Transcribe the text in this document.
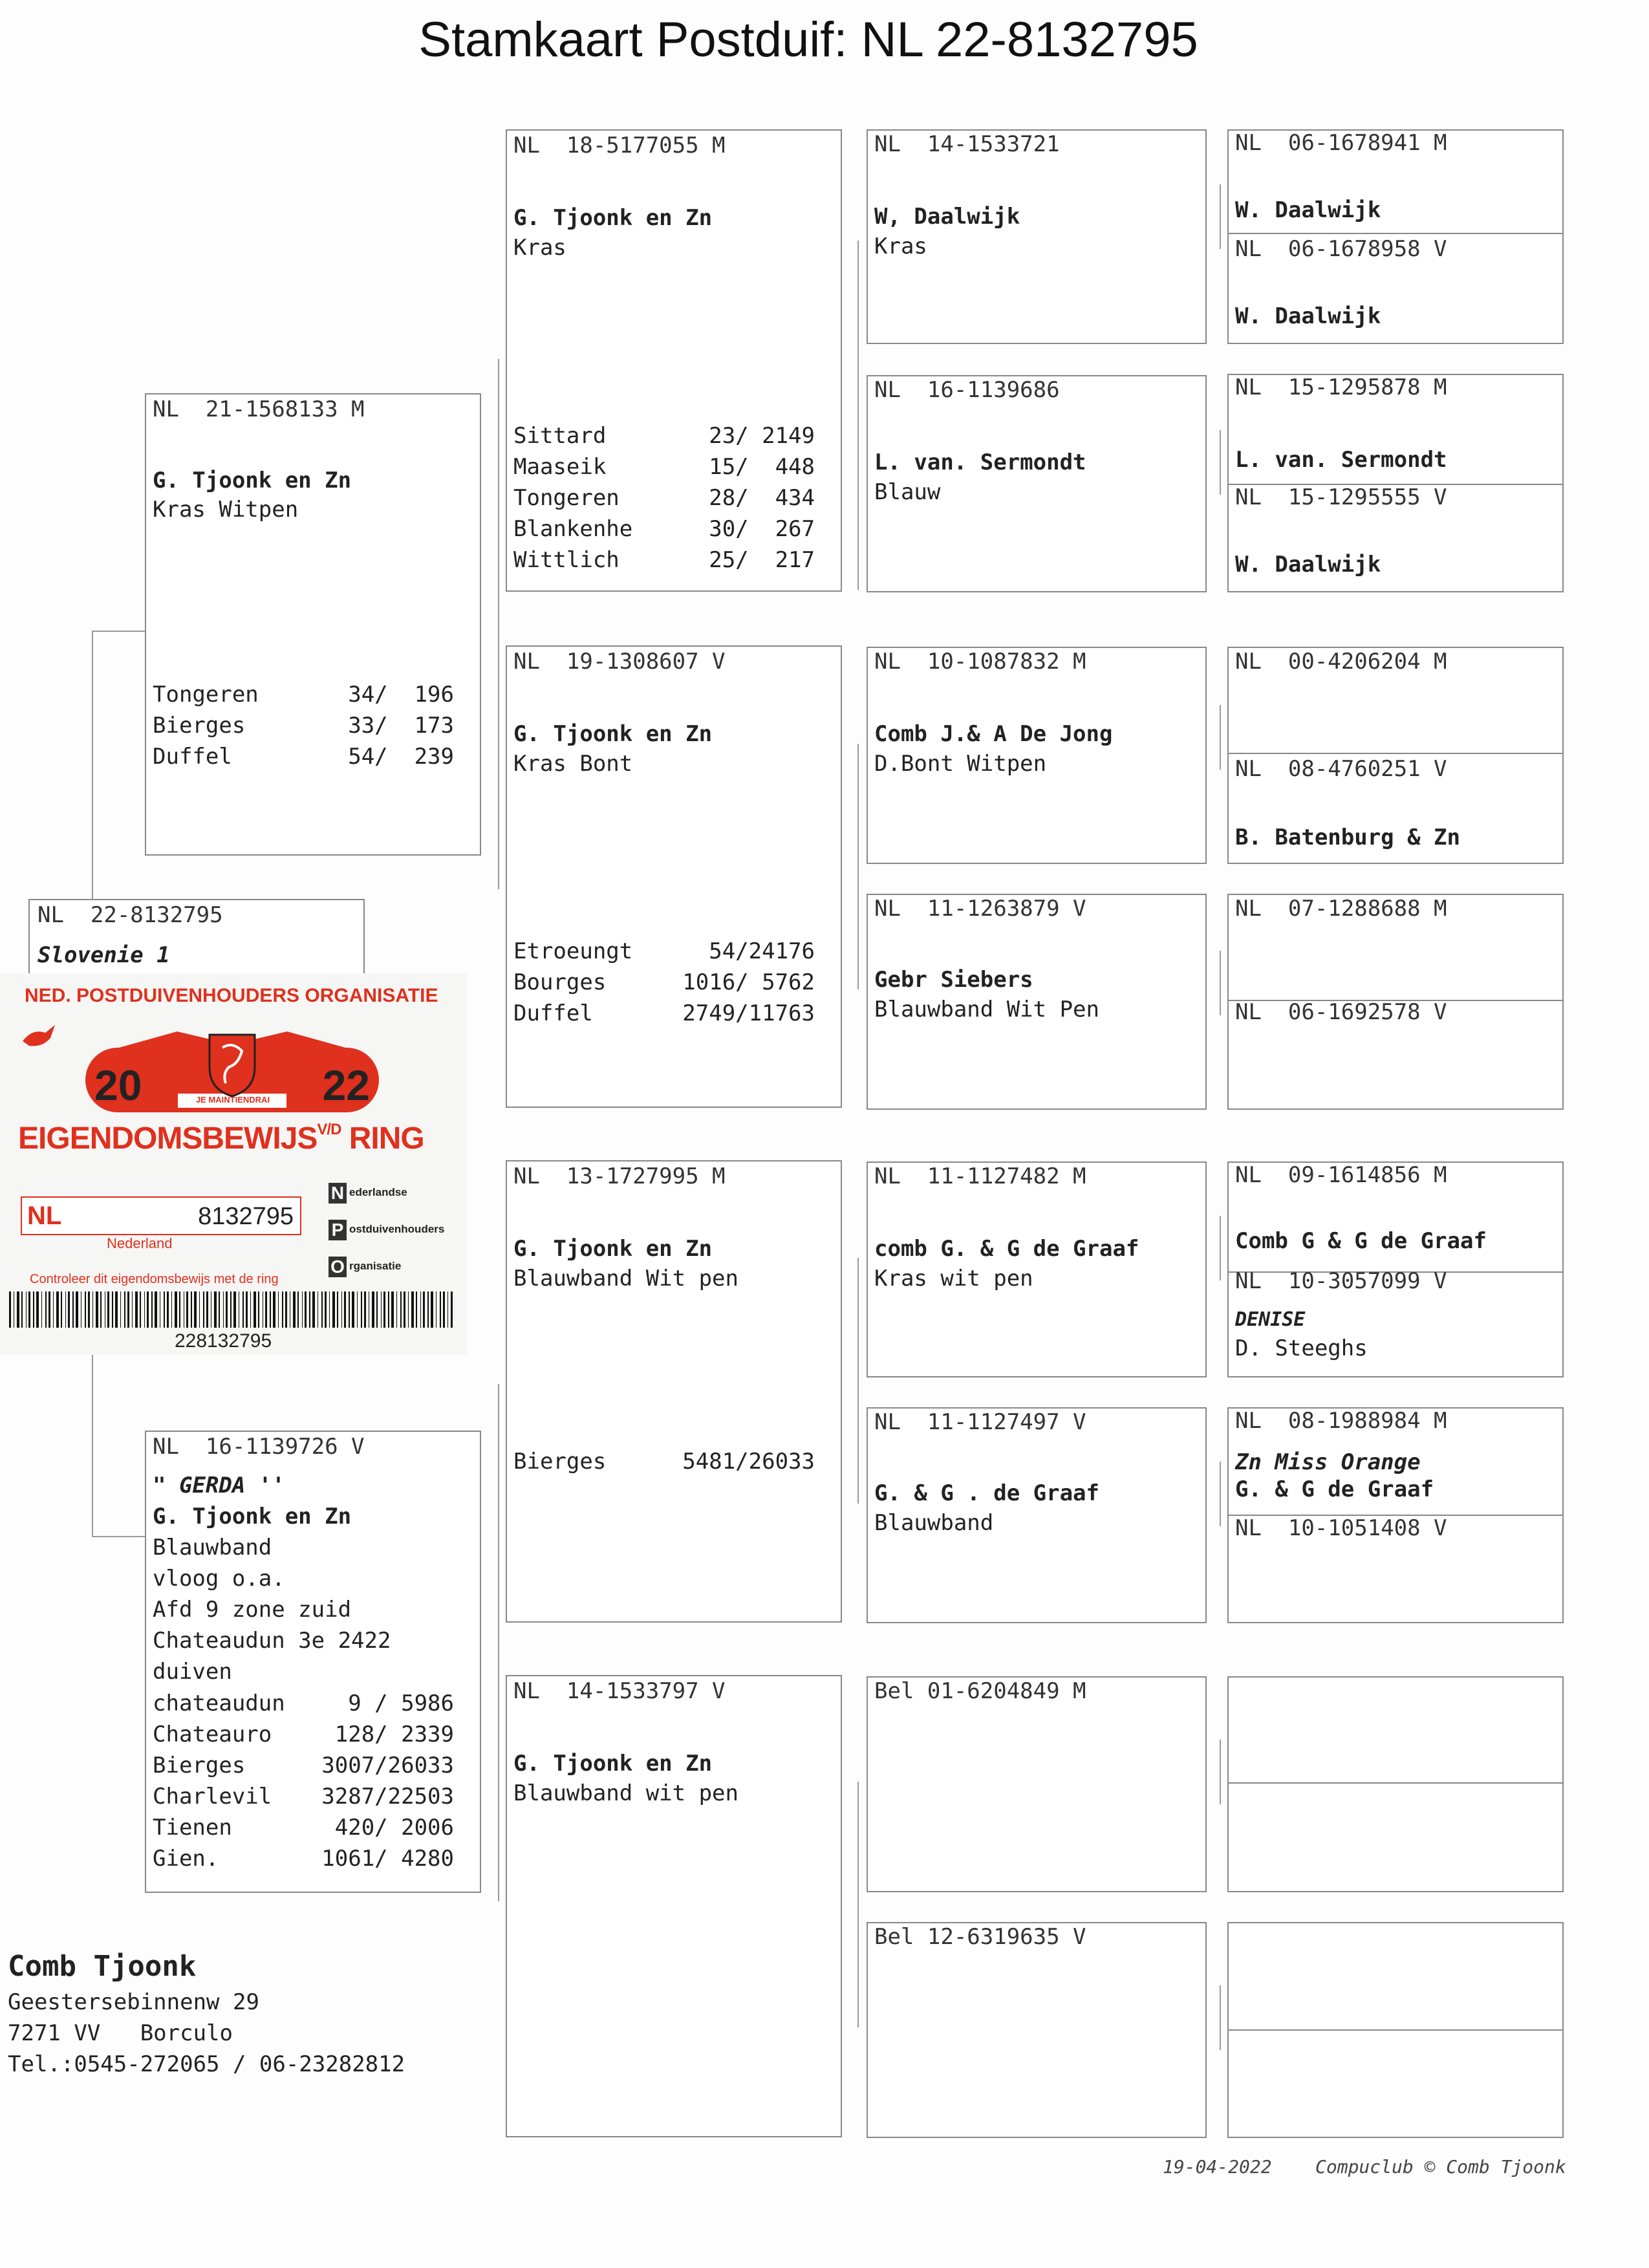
Stamkaart Postduif: NL 22-8132795
NL  22-8132795
Slovenie 1
NL  21-1568133 M
G. Tjoonk en Zn
Kras Witpen
Tongeren	34/  196
Bierges	33/  173
Duffel	54/  239
NL  16-1139726 V
" GERDA ''
G. Tjoonk en Zn
Blauwband
vloog o.a.
Afd 9 zone zuid
Chateaudun 3e 2422
duiven
chateaudun	9 / 5986
Chateauro	128/ 2339
Bierges	3007/26033
Charlevil 3287/22503
Tienen	420/ 2006
Gien.	1061/ 4280
NL  18-5177055 M
G. Tjoonk en Zn
Kras
Sittard	23/ 2149
Maaseik	15/  448
Tongeren	28/  434
Blankenhe	30/  267
Wittlich	25/  217
NL  19-1308607 V
G. Tjoonk en Zn
Kras Bont
Etroeungt	54/24176
Bourges	1016/ 5762
Duffel	2749/11763
NL  13-1727995 M
G. Tjoonk en Zn
Blauwband Wit pen
Bierges	5481/26033
NL  14-1533797 V
G. Tjoonk en Zn
Blauwband wit pen
NL  14-1533721
W, Daalwijk
Kras
NL  16-1139686
L. van. Sermondt
Blauw
NL  10-1087832 M
Comb J.& A De Jong
D.Bont Witpen
NL  11-1263879 V
Gebr Siebers
Blauwband Wit Pen
NL  11-1127482 M
comb G. & G de Graaf
Kras wit pen
NL  11-1127497 V
G. & G . de Graaf
Blauwband
Bel 01-6204849 M
Bel 12-6319635 V
NL  06-1678941 M
W. Daalwijk
NL  06-1678958 V
W. Daalwijk
NL  15-1295878 M
L. van. Sermondt
NL  15-1295555 V
W. Daalwijk
NL  00-4206204 M
NL  08-4760251 V
B. Batenburg & Zn
NL  07-1288688 M
NL  06-1692578 V
NL  09-1614856 M
Comb G & G de Graaf
NL  10-3057099 V
DENISE
D. Steeghs
NL  08-1988984 M
Zn Miss Orange
G. & G de Graaf
NL  10-1051408 V
NED. POSTDUIVENHOUDERS ORGANISATIE
20	22
JE MAINTIENDRAI
$EIGENDOMSBEWIJS^{V/D}$ RING
NL	8132795
Nederland
N ederlandse
P ostduivenhouders
O rganisatie
Controleer dit eigendomsbewijs met de ring
228132795
Comb Tjoonk
Geestersebinnenw 29
7271 VV   Borculo
Tel.:0545-272065 / 06-23282812
19-04-2022    Compuclub © Comb Tjoonk
